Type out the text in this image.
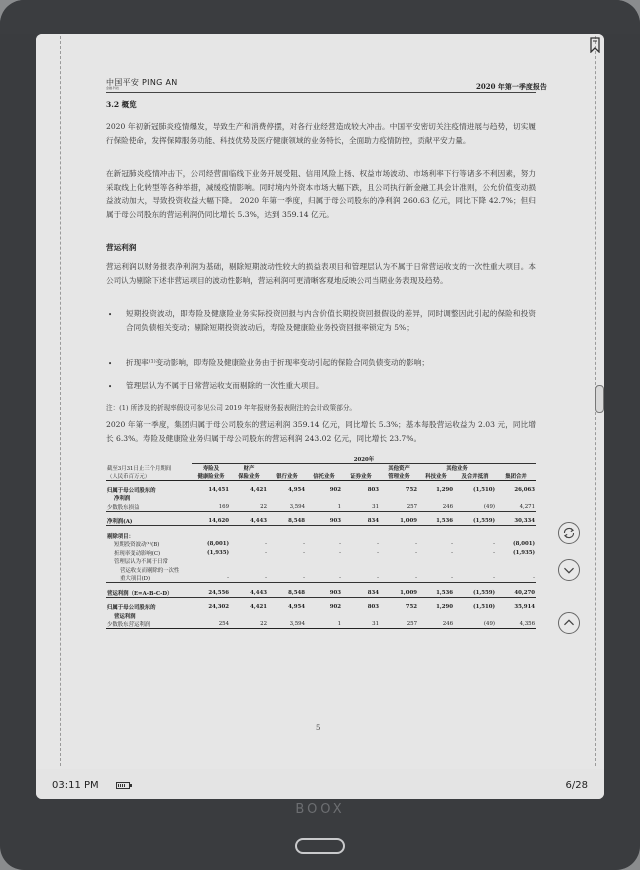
中国平安 PING AN
金融·科技	2020 年第一季度报告
3.2 概览
2020 年初新冠肺炎疫情爆发，导致生产和消费停摆，对各行业经营造成较大冲击。中国平安密切关注疫情进展与趋势，切实履行保险使命，发挥保障服务功能、科技优势及医疗健康领域的业务特长，全面助力疫情防控，贡献平安力量。
在新冠肺炎疫情冲击下，公司经营面临线下业务开展受阻、信用风险上扬、权益市场波动、市场利率下行等诸多不利因素，努力采取线上化转型等各种举措，减缓疫情影响。同时境内外资本市场大幅下跌，且公司执行新金融工具会计准则，公允价值变动损益波动加大，导致投资收益大幅下降。 2020 年第一季度，归属于母公司股东的净利润 260.63 亿元，同比下降 42.7%；但归属于母公司股东的营运利润仍同比增长 5.3%，达到 359.14 亿元。
营运利润
营运利润以财务报表净利润为基础，剔除短期波动性较大的损益表项目和管理层认为不属于日常营运收支的一次性重大项目。本公司认为剔除下述非营运项目的波动性影响，营运利润可更清晰客观地反映公司当期业务表现及趋势。
• 短期投资波动，即寿险及健康险业务实际投资回报与内含价值长期投资回报假设的差异，同时调整因此引起的保险和投资合同负债相关变动；剔除短期投资波动后，寿险及健康险业务投资回报率锁定为 5%；
• 折现率⁽¹⁾变动影响，即寿险及健康险业务由于折现率变动引起的保险合同负债变动的影响；
• 管理层认为不属于日常营运收支而剔除的一次性重大项目。
注：(1) 所涉及的折现率假设可参见公司 2019 年年报财务报表附注的会计政策部分。
2020 年第一季度，集团归属于母公司股东的营运利润 359.14 亿元，同比增长 5.3%；基本每股营运收益为 2.03 元，同比增长 6.3%。寿险及健康险业务归属于母公司股东的营运利润 243.02 亿元，同比增长 23.7%。
	2020年								
截至3月31日止三个月期间	寿险及	财产				其他资产	其他业务		
（人民币百万元）	健康险业务	保险业务	银行业务	信托业务	证券业务	管理业务	科技业务	及合并抵消	集团合并

归属于母公司股东的	14,451	4,421	4,954	902	803	752	1,290	(1,510)	26,063
净利润									
少数股东损益	169	22	3,594	1	31	257	246	(49)	4,271

净利润(A)	14,620	4,443	8,548	903	834	1,009	1,536	(1,559)	30,334

剔除项目：									
短期投资波动⁽¹⁾(B)	(8,001)	-	-	-	-	-	-	-	(8,001)
折现率变动影响(C)	(1,935)	-	-	-	-	-	-	-	(1,935)
管理层认为不属于日常									
营运收支而剔除的一次性									
重大项目(D)	-	-	-	-	-	-	-	-	-

营运利润（E=A-B-C-D）	24,556	4,443	8,548	903	834	1,009	1,536	(1,559)	40,270

归属于母公司股东的	24,302	4,421	4,954	902	803	752	1,290	(1,510)	35,914
营运利润									
少数股东营运利润	254	22	3,594	1	31	257	246	(49)	4,356
5
03:11 PM	6/28
BOOX
